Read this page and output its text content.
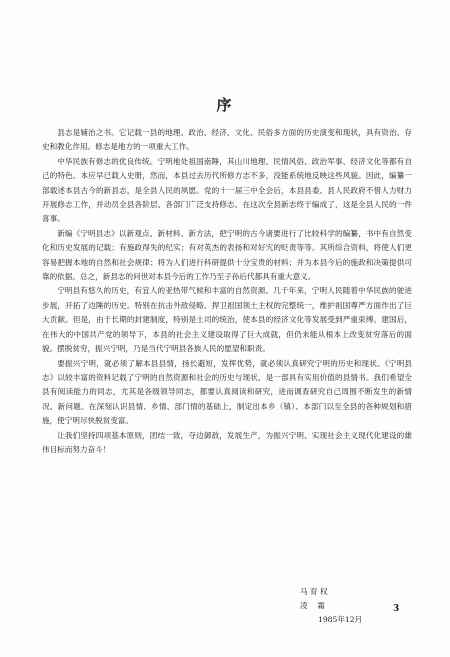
序

县志是辅治之书。它记载一县的地理、政治、经济、文化、民俗多方面的历史演变和现状，具有资治、存史和教化作用。修志是地方的一项重大工作。

中华民族有修志的优良传统。宁明地处祖国南陲，其山川地理、民情风俗、政治军事、经济文化等都有自己的特色。本应早已载入史册，然而，本县过去历代所修方志不多，没能系统地反映这些风貌。因此，编纂一部载述本县古今的新县志，是全县人民的夙愿。党的十一届三中全会后，本县县委、县人民政府不惜人力财力开展修志工作，并动员全县各阶层、各部门广泛支持修志。在这次全县新志终于编成了，这是全县人民的一件喜事。

新编《宁明县志》以新观点、新材料、新方法，把宁明的古今诸要进行了比较科学的编纂，书中有自然变化和历史发展的记载；有施政得失的纪实；有对英杰的表扬和对好宄的贬责等等。其所综合资料，将使人们更容易把握本地的自然和社会规律；将为人们进行科研提供十分宝贵的材料；并为本县今后的施政和决策提供可靠的依据。总之，新县志的问世对本县今后的工作乃至子孙后代都具有重大意义。

宁明县有悠久的历史，有宜人的亚热带气候和丰富的自然资源。几千年来，宁明人民随着中华民族的驶进步展，开拓了边陲的历史。特别在抗击外敌侵略、捍卫祖国领土主权的完整统一，维护祖国尊严方面作出了巨大贡献。但是，由于长期的封建制度，特别是土司的统治，使本县的经济文化等发展受到严重束缚。建国后，在伟大的中国共产党的领导下，本县的社会主义建设取得了巨大成就，但仍未能从根本上改变贫穷落后的面貌。摆脱贫穷，振兴宁明，乃是当代宁明县各族人民的愿望和职责。

要振兴宁明，就必须了解本县县情，扬长避短，发挥优势，就必须认真研究宁明的历史和现状。《宁明县志》以较丰富的资料记载了宁明的自然资源和社会的历史与现状，是一部具有实用价值的县情书。我们希望全县有阅读能力的同志，尤其是各级领导同志，都要认真阅读和研究，进而调查研究自己周围不断发生的新情况、新问题。在深刻认识县情、乡情、部门情的基础上，制定出本乡（镇）、本部门以至全县的各种规划和措施，使宁明尽快脱贫变富。

让我们坚持四项基本原则，团结一致，夺边御敌，发展生产，为振兴宁明、实现社会主义现代化建设的雄伟目标而努力奋斗！

马 育 权
凌    霜
1985年12月
3
